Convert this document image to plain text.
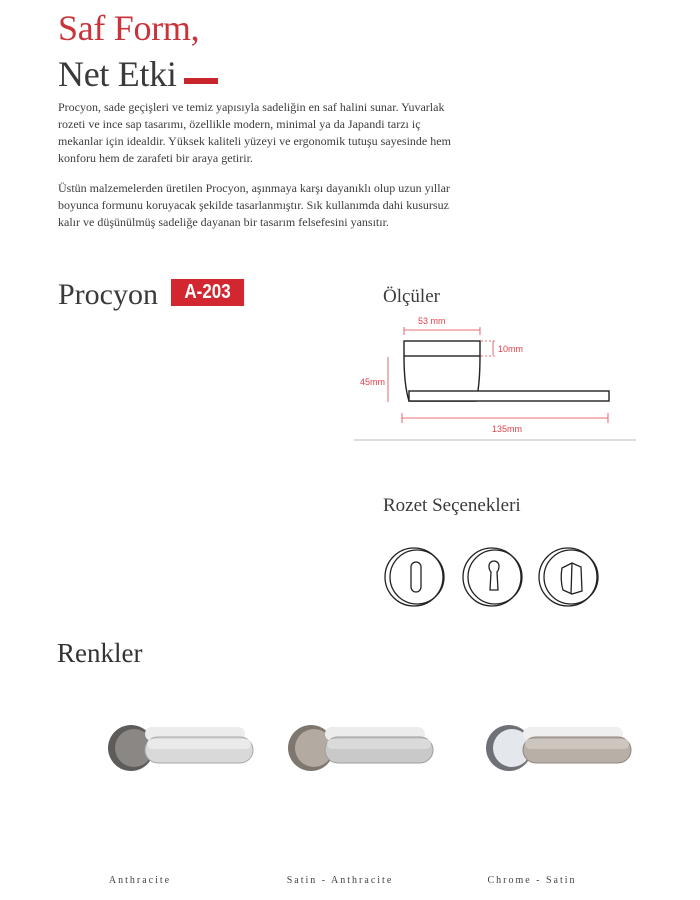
Saf Form,
Net Etki

Procyon, sade geçişleri ve temiz yapısıyla sadeliğin en saf halini sunar. Yuvarlak rozeti ve ince sap tasarımı, özellikle modern, minimal ya da Japandi tarzı iç mekanlar için idealdir. Yüksek kaliteli yüzeyi ve ergonomik tutuşu sayesinde hem konforu hem de zarafeti bir araya getirir.

Üstün malzemelerden üretilen Procyon, aşınmaya karşı dayanıklı olup uzun yıllar boyunca formunu koruyacak şekilde tasarlanmıştır. Sık kullanımda dahi kusursuz kalır ve düşünülmüş sadeliğe dayanan bir tasarım felsefesini yansıtır.

Procyon	A-203	Ölçüler
53 mm
10mm
45mm
135mm
Rozet Seçenekleri
Renkler
Anthracite	Satin - Anthracite	Chrome - Satin
